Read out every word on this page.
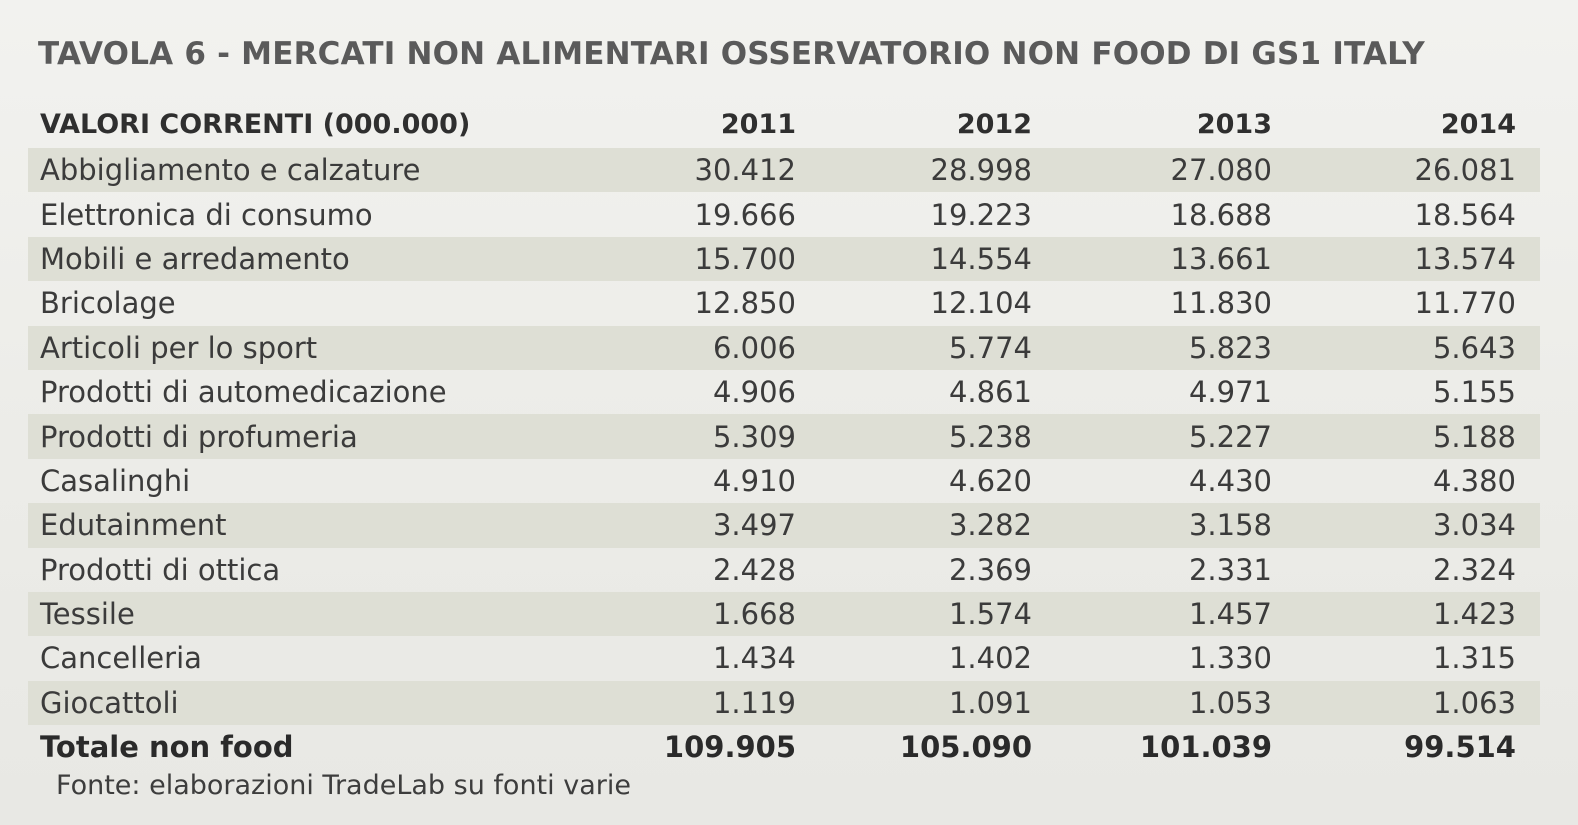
TAVOLA 6 - MERCATI NON ALIMENTARI OSSERVATORIO NON FOOD DI GS1 ITALY
VALORI CORRENTI (000.000)	2011	2012	2013	2014
Abbigliamento e calzature	30.412	28.998	27.080	26.081
Elettronica di consumo	19.666	19.223	18.688	18.564
Mobili e arredamento	15.700	14.554	13.661	13.574
Bricolage	12.850	12.104	11.830	11.770
Articoli per lo sport	6.006	5.774	5.823	5.643
Prodotti di automedicazione	4.906	4.861	4.971	5.155
Prodotti di profumeria	5.309	5.238	5.227	5.188
Casalinghi	4.910	4.620	4.430	4.380
Edutainment	3.497	3.282	3.158	3.034
Prodotti di ottica	2.428	2.369	2.331	2.324
Tessile	1.668	1.574	1.457	1.423
Cancelleria	1.434	1.402	1.330	1.315
Giocattoli	1.119	1.091	1.053	1.063
Totale non food	109.905	105.090	101.039	99.514
Fonte: elaborazioni TradeLab su fonti varie
